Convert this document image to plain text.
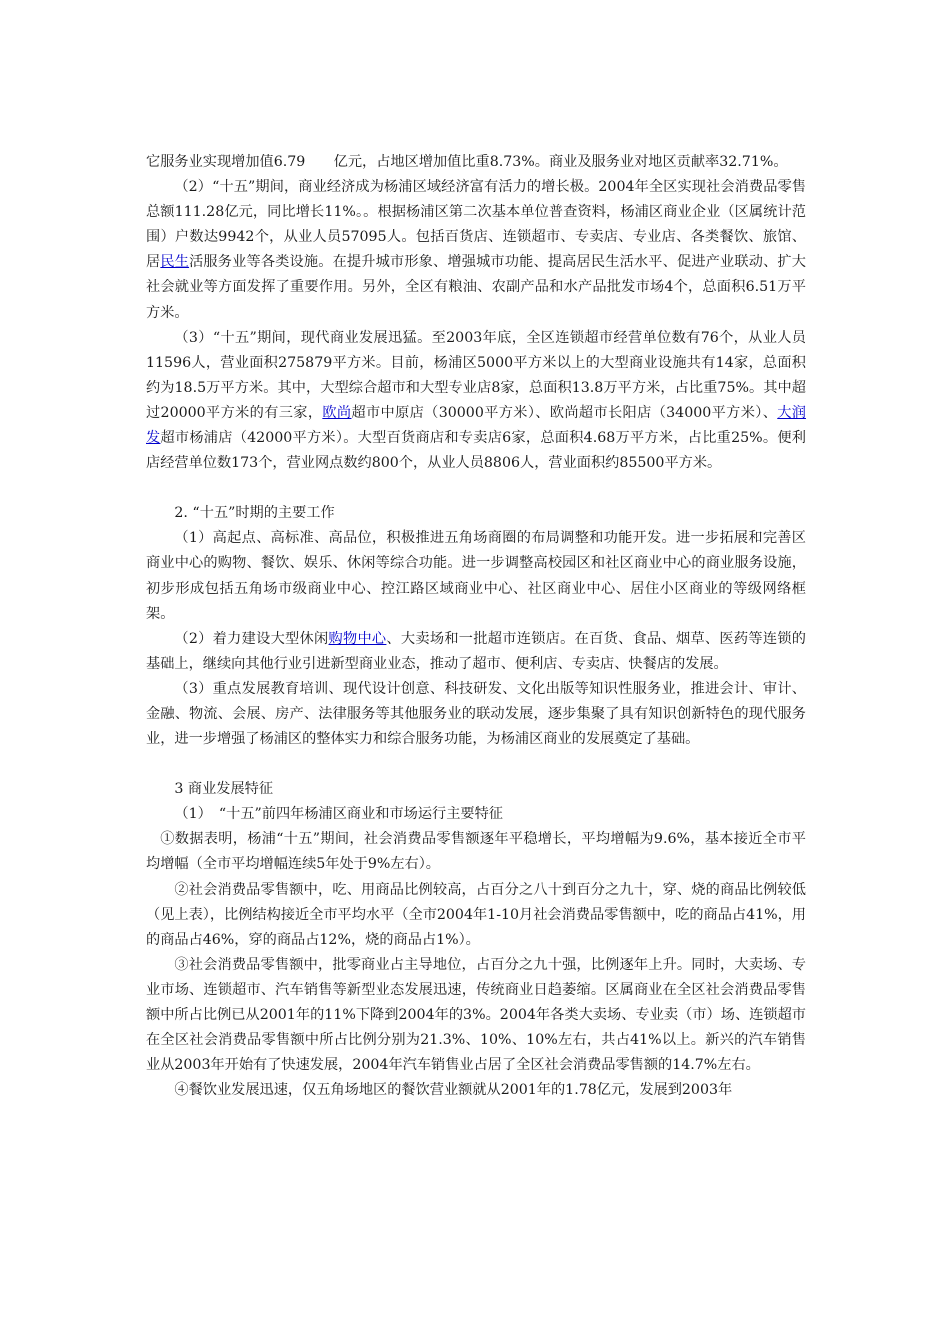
它服务业实现增加值6.79　　亿元，占地区增加值比重8.73%。商业及服务业对地区贡献率32.71%。

（2）“十五”期间，商业经济成为杨浦区域经济富有活力的增长极。2004年全区实现社会消费品零售总额111.28亿元，同比增长11%。。根据杨浦区第二次基本单位普查资料，杨浦区商业企业（区属统计范围）户数达9942个，从业人员57095人。包括百货店、连锁超市、专卖店、专业店、各类餐饮、旅馆、居民生活服务业等各类设施。在提升城市形象、增强城市功能、提高居民生活水平、促进产业联动、扩大社会就业等方面发挥了重要作用。另外，全区有粮油、农副产品和水产品批发市场4个，总面积6.51万平方米。

（3）“十五”期间，现代商业发展迅猛。至2003年底，全区连锁超市经营单位数有76个，从业人员11596人，营业面积275879平方米。目前，杨浦区5000平方米以上的大型商业设施共有14家，总面积约为18.5万平方米。其中，大型综合超市和大型专业店8家，总面积13.8万平方米，占比重75%。其中超过20000平方米的有三家，欧尚超市中原店（30000平方米）、欧尚超市长阳店（34000平方米）、大润发超市杨浦店（42000平方米）。大型百货商店和专卖店6家，总面积4.68万平方米，占比重25%。便利店经营单位数173个，营业网点数约800个，从业人员8806人，营业面积约85500平方米。

2. “十五”时期的主要工作

（1）高起点、高标准、高品位，积极推进五角场商圈的布局调整和功能开发。进一步拓展和完善区商业中心的购物、餐饮、娱乐、休闲等综合功能。进一步调整高校园区和社区商业中心的商业服务设施，初步形成包括五角场市级商业中心、控江路区域商业中心、社区商业中心、居住小区商业的等级网络框架。

（2）着力建设大型休闲购物中心、大卖场和一批超市连锁店。在百货、食品、烟草、医药等连锁的基础上，继续向其他行业引进新型商业业态，推动了超市、便利店、专卖店、快餐店的发展。

（3）重点发展教育培训、现代设计创意、科技研发、文化出版等知识性服务业，推进会计、审计、金融、物流、会展、房产、法律服务等其他服务业的联动发展，逐步集聚了具有知识创新特色的现代服务业，进一步增强了杨浦区的整体实力和综合服务功能，为杨浦区商业的发展奠定了基础。

3 商业发展特征

（1）　“十五”前四年杨浦区商业和市场运行主要特征

①数据表明，杨浦“十五”期间，社会消费品零售额逐年平稳增长，平均增幅为9.6%，基本接近全市平均增幅（全市平均增幅连续5年处于9%左右）。

②社会消费品零售额中，吃、用商品比例较高，占百分之八十到百分之九十，穿、烧的商品比例较低（见上表），比例结构接近全市平均水平（全市2004年1-10月社会消费品零售额中，吃的商品占41%，用的商品占46%，穿的商品占12%，烧的商品占1%）。

③社会消费品零售额中，批零商业占主导地位，占百分之九十强，比例逐年上升。同时，大卖场、专业市场、连锁超市、汽车销售等新型业态发展迅速，传统商业日趋萎缩。区属商业在全区社会消费品零售额中所占比例已从2001年的11%下降到2004年的3%。2004年各类大卖场、专业卖（市）场、连锁超市在全区社会消费品零售额中所占比例分别为21.3%、10%、10%左右，共占41%以上。新兴的汽车销售业从2003年开始有了快速发展，2004年汽车销售业占居了全区社会消费品零售额的14.7%左右。

④餐饮业发展迅速，仅五角场地区的餐饮营业额就从2001年的1.78亿元，发展到2003年
